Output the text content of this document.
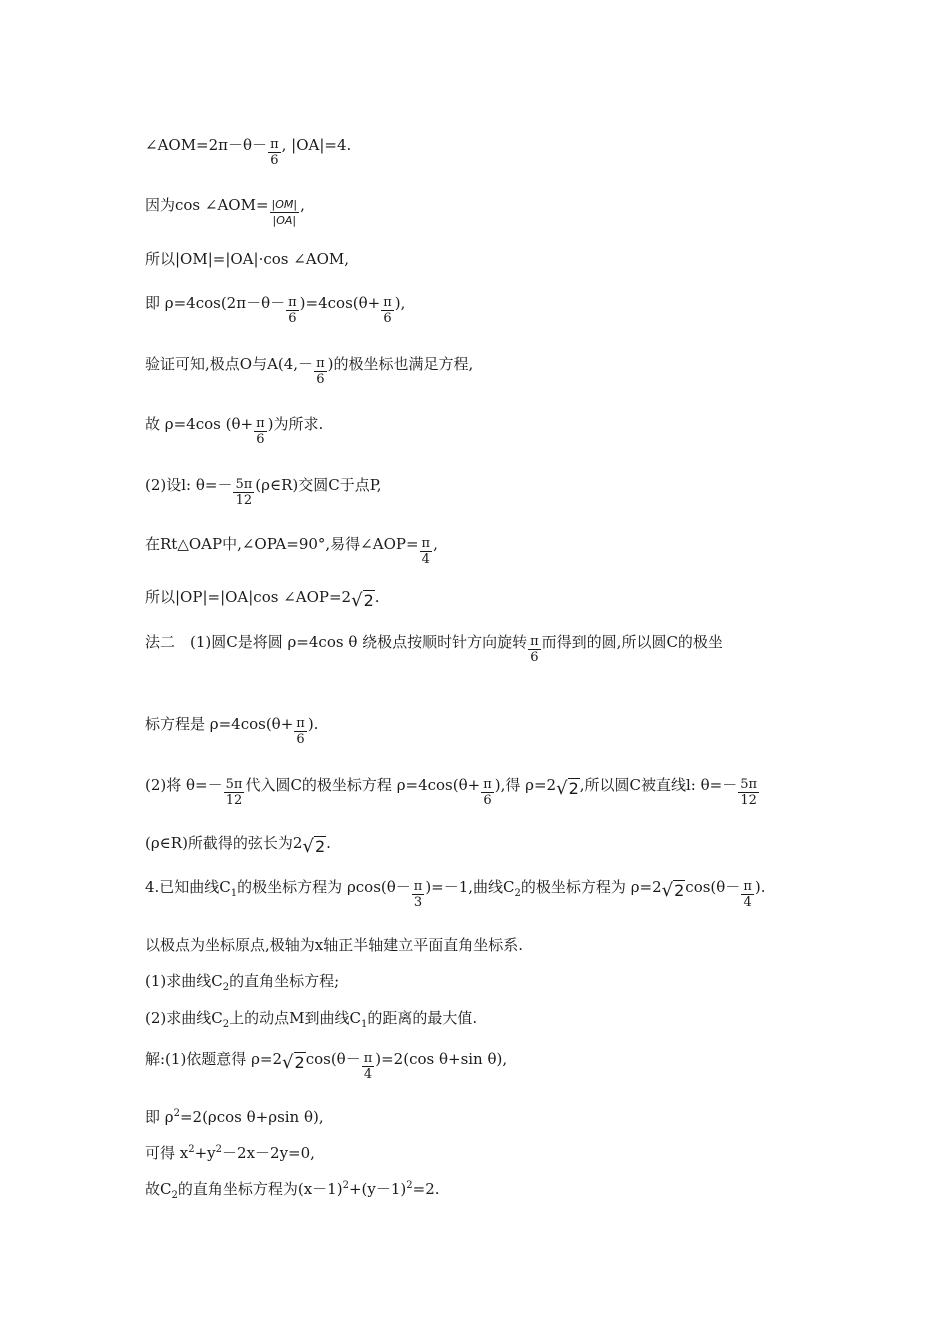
∠AOM=2π－θ－ $\frac{\pi}{6}$ , |OA|=4.
因为cos ∠AOM= $\frac{|OM|}{|OA|}$ ,
所以|OM|=|OA|·cos ∠AOM,
即 $\rho=4\cos(2\pi-\theta- \frac{\pi}{6} )=4\cos(\theta+ \frac{\pi}{6}$ ),
验证可知,极点O与$A(4,- \frac{\pi}{6}$ )的极坐标也满足方程,
故 ρ=4cos ($\theta+ \frac{\pi}{6}$ )为所求.
(2)设l: $\theta=- \frac{5\pi}{12}$ (ρ∈R)交圆C于点P,
在Rt△OAP中,∠OPA=90°,易得∠AOP= $\frac{\pi}{4}$ ,
所以|OP|=|OA|cos ∠AOP=2√2.
法二　(1)圆C是将圆 ρ=4cos θ 绕极点按顺时针方向旋转 $\frac{\pi}{6}$ 而得到的圆,所以圆C的极坐
标方程是 $\rho=4\cos(\theta+ \frac{\pi}{6}$ ).
(2)将 $\theta=- \frac{5\pi}{12}$ 代入圆C的极坐标方程 $\rho=4\cos(\theta+ \frac{\pi}{6}$ ),得 ρ=2√2,所以圆C被直线l: $\theta=- \frac{5\pi}{12}$
(ρ∈R)所截得的弦长为2√2.
4.已知曲线$C_1$的极坐标方程为 $\rho\cos(\theta- \frac{\pi}{3} )=-1$,曲线$C_2$的极坐标方程为 $\rho=2√2\cos(\theta- \frac{\pi}{4}$ ).
以极点为坐标原点,极轴为x轴正半轴建立平面直角坐标系.
(1)求曲线$C_2$的直角坐标方程;
(2)求曲线$C_2$上的动点M到曲线$C_1$的距离的最大值.
解:(1)依题意得 $\rho=2√2\cos(\theta- \frac{\pi}{4} )=2(\cos$ θ+sin θ),
即 $\rho^2=2(\rho\cos$ θ+ρsin θ),
可得 $x^2+y^2-2x-2y=0$,
故$C_2$的直角坐标方程为$(x-1)^2+(y-1)^2=2$.
